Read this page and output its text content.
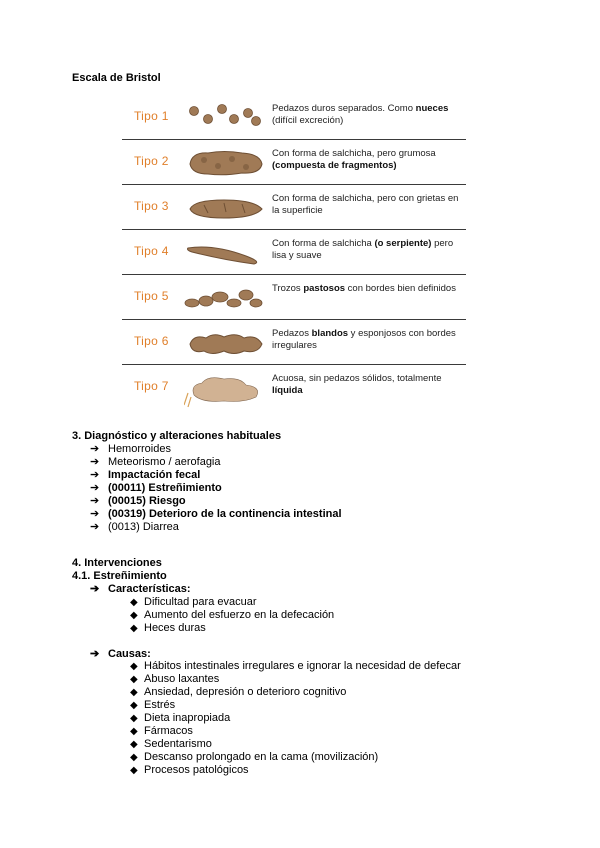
Escala de Bristol
Tipo 1
Pedazos duros separados. Como nueces (difícil excreción)
Tipo 2
Con forma de salchicha, pero grumosa (compuesta de fragmentos)
Tipo 3
Con forma de salchicha, pero con grietas en la superficie
Tipo 4
Con forma de salchicha (o serpiente) pero lisa y suave
Tipo 5
Trozos pastosos con bordes bien definidos
Tipo 6
Pedazos blandos y esponjosos con bordes irregulares
Tipo 7
Acuosa, sin pedazos sólidos, totalmente líquida
3. Diagnóstico y alteraciones habituales
➔ Hemorroides
➔ Meteorismo / aerofagia
➔ Impactación fecal
➔ (00011) Estreñimiento
➔ (00015) Riesgo
➔ (00319) Deterioro de la continencia intestinal
➔ (0013) Diarrea
4. Intervenciones
4.1. Estreñimiento
➔ Características:
◆ Dificultad para evacuar
◆ Aumento del esfuerzo en la defecación
◆ Heces duras
➔ Causas:
◆ Hábitos intestinales irregulares e ignorar la necesidad de defecar
◆ Abuso laxantes
◆ Ansiedad, depresión o deterioro cognitivo
◆ Estrés
◆ Dieta inapropiada
◆ Fármacos
◆ Sedentarismo
◆ Descanso prolongado en la cama (movilización)
◆ Procesos patológicos
